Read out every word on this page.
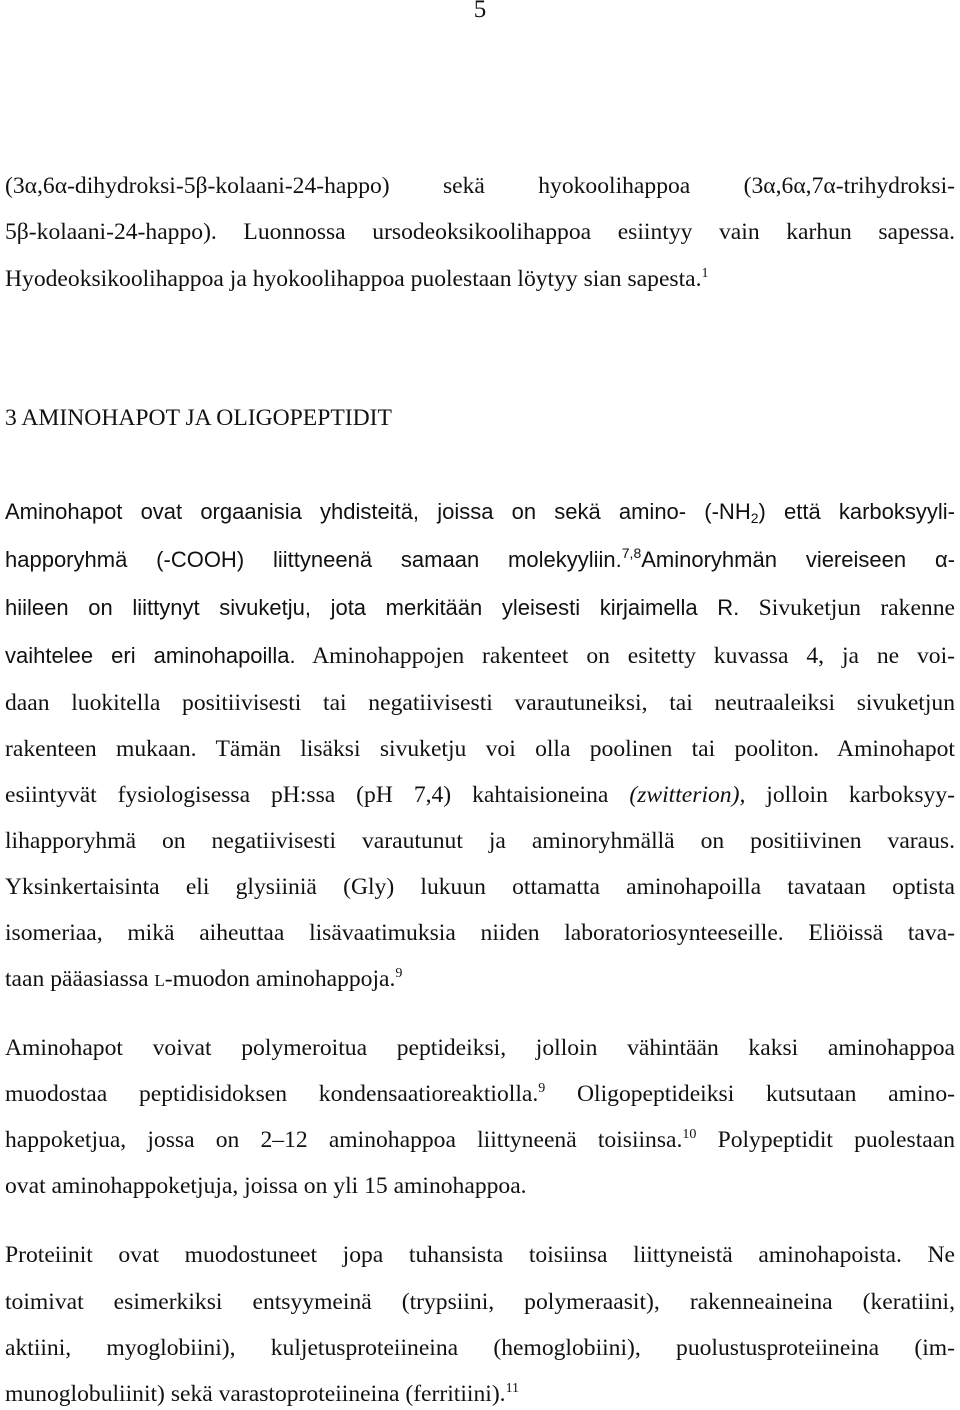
5
(3α,6α-dihydroksi-5β-kolaani-24-happo) sekä hyokoolihappoa (3α,6α,7α-trihydroksi-
5β-kolaani-24-happo). Luonnossa ursodeoksikoolihappoa esiintyy vain karhun sapessa.
Hyodeoksikoolihappoa ja hyokoolihappoa puolestaan löytyy sian sapesta.$^1$
3 AMINOHAPOT JA OLIGOPEPTIDIT
Aminohapot ovat orgaanisia yhdisteitä, joissa on sekä amino- $(-NH_2)$ että karboksyyli-
happoryhmä (-COOH) liittyneenä samaan molekyyliin.$^{7,8}$Aminoryhmän viereiseen α-
hiileen on liittynyt sivuketju, jota merkitään yleisesti kirjaimella R. Sivuketjun rakenne
vaihtelee eri aminohapoilla. Aminohappojen rakenteet on esitetty kuvassa 4, ja ne voi-
daan luokitella positiivisesti tai negatiivisesti varautuneiksi, tai neutraaleiksi sivuketjun
rakenteen mukaan. Tämän lisäksi sivuketju voi olla poolinen tai pooliton. Aminohapot
esiintyvät fysiologisessa pH:ssa (pH 7,4) kahtaisioneina (zwitterion), jolloin karboksyy-
lihapporyhmä on negatiivisesti varautunut ja aminoryhmällä on positiivinen varaus.
Yksinkertaisinta eli glysiiniä (Gly) lukuun ottamatta aminohapoilla tavataan optista
isomeriaa, mikä aiheuttaa lisävaatimuksia niiden laboratoriosynteeseille. Eliöissä tava-
taan pääasiassa L-muodon aminohappoja.$^9$
Aminohapot voivat polymeroitua peptideiksi, jolloin vähintään kaksi aminohappoa
muodostaa peptidisidoksen kondensaatioreaktiolla.$^9$ Oligopeptideiksi kutsutaan amino-
happoketjua, jossa on 2–12 aminohappoa liittyneenä toisiinsa.$^{10}$ Polypeptidit puolestaan
ovat aminohappoketjuja, joissa on yli 15 aminohappoa.
Proteiinit ovat muodostuneet jopa tuhansista toisiinsa liittyneistä aminohapoista. Ne
toimivat esimerkiksi entsyymeinä (trypsiini, polymeraasit), rakenneaineina (keratiini,
aktiini, myoglobiini), kuljetusproteiineina (hemoglobiini), puolustusproteiineina (im-
munoglobuliinit) sekä varastoproteiineina (ferritiini).$^{11}$
